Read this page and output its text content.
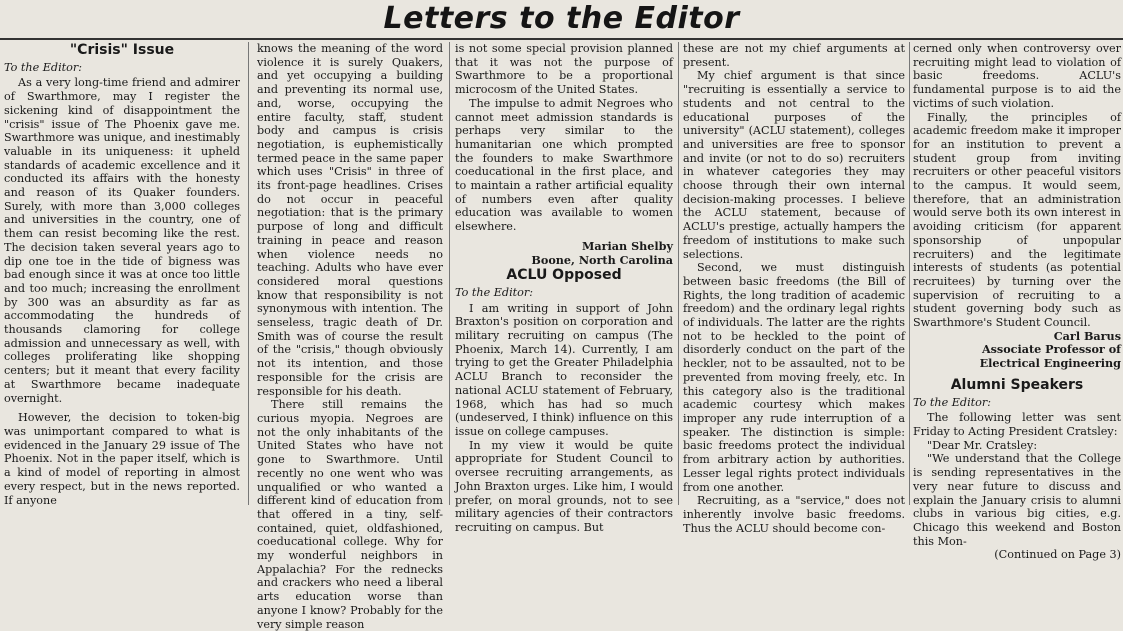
Letters to the Editor
"Crisis" Issue

To the Editor:

As a very long-time friend and admirer of Swarthmore, may I register the sickening kind of disappointment the "crisis" issue of The Phoenix gave me. Swarthmore was unique, and inestimably valuable in its uniqueness: it upheld standards of academic excellence and it conducted its affairs with the honesty and reason of its Quaker founders. Surely, with more than 3,000 colleges and universities in the country, one of them can resist becoming like the rest. The decision taken several years ago to dip one toe in the tide of bigness was bad enough since it was at once too little and too much; increasing the enrollment by 300 was an absurdity as far as accommodating the hundreds of thousands clamoring for college admission and unnecessary as well, with colleges proliferating like shopping centers; but it meant that every facility at Swarthmore became inadequate overnight.

However, the decision to token-big was unimportant compared to what is evidenced in the January 29 issue of The Phoenix. Not in the paper itself, which is a kind of model of reporting in almost every respect, but in the news reported. If anyone

knows the meaning of the word violence it is surely Quakers, and yet occupying a building and preventing its normal use, and, worse, occupying the entire faculty, staff, student body and campus is crisis negotiation, is euphemistically termed peace in the same paper which uses "Crisis" in three of its front-page headlines. Crises do not occur in peaceful negotiation: that is the primary purpose of long and difficult training in peace and reason when violence needs no teaching. Adults who have ever considered moral questions know that responsibility is not synonymous with intention. The senseless, tragic death of Dr. Smith was of course the result of the "crisis," though obviously not its intention, and those responsible for the crisis are responsible for his death.

There still remains the curious myopia. Negroes are not the only inhabitants of the United States who have not gone to Swarthmore. Until recently no one went who was unqualified or who wanted a different kind of education from that offered in a tiny, self-contained, quiet, oldfashioned, coeducational college. Why for my wonderful neighbors in Appalachia? For the rednecks and crackers who need a liberal arts education worse than anyone I know? Probably for the very simple reason

is not some special provision planned that it was not the purpose of Swarthmore to be a proportional microcosm of the United States.

The impulse to admit Negroes who cannot meet admission standards is perhaps very similar to the humanitarian one which prompted the founders to make Swarthmore coeducational in the first place, and to maintain a rather artificial equality of numbers even after quality education was available to women elsewhere.

Marian Shelby

Boone, North Carolina

ACLU Opposed

To the Editor:

I am writing in support of John Braxton's position on corporation and military recruiting on campus (The Phoenix, March 14). Currently, I am trying to get the Greater Philadelphia ACLU Branch to reconsider the national ACLU statement of February, 1968, which has had so much (undeserved, I think) influence on this issue on college campuses.

In my view it would be quite appropriate for Student Council to oversee recruiting arrangements, as John Braxton urges. Like him, I would prefer, on moral grounds, not to see military agencies of their contractors recruiting on campus. But

these are not my chief arguments at present.

My chief argument is that since "recruiting is essentially a service to students and not central to the educational purposes of the university" (ACLU statement), colleges and universities are free to sponsor and invite (or not to do so) recruiters in whatever categories they may choose through their own internal decision-making processes. I believe the ACLU statement, because of ACLU's prestige, actually hampers the freedom of institutions to make such selections.

Second, we must distinguish between basic freedoms (the Bill of Rights, the long tradition of academic freedom) and the ordinary legal rights of individuals. The latter are the rights not to be heckled to the point of disorderly conduct on the part of the heckler, not to be assaulted, not to be prevented from moving freely, etc. In this category also is the traditional academic courtesy which makes improper any rude interruption of a speaker. The distinction is simple: basic freedoms protect the individual from arbitrary action by authorities. Lesser legal rights protect individuals from one another.

Recruiting, as a "service," does not inherently involve basic freedoms. Thus the ACLU should become con-

cerned only when controversy over recruiting might lead to violation of basic freedoms. ACLU's fundamental purpose is to aid the victims of such violation.

Finally, the principles of academic freedom make it improper for an institution to prevent a student group from inviting recruiters or other peaceful visitors to the campus. It would seem, therefore, that an administration would serve both its own interest in avoiding criticism (for apparent sponsorship of unpopular recruiters) and the legitimate interests of students (as potential recruitees) by turning over the supervision of recruiting to a student governing body such as Swarthmore's Student Council.

Carl Barus

Associate Professor of

Electrical Engineering

Alumni Speakers

To the Editor:

The following letter was sent Friday to Acting President Cratsley:

"Dear Mr. Cratsley:

"We understand that the College is sending representatives in the very near future to discuss and explain the January crisis to alumni clubs in various big cities, e.g. Chicago this weekend and Boston this Mon-

(Continued on Page 3)
